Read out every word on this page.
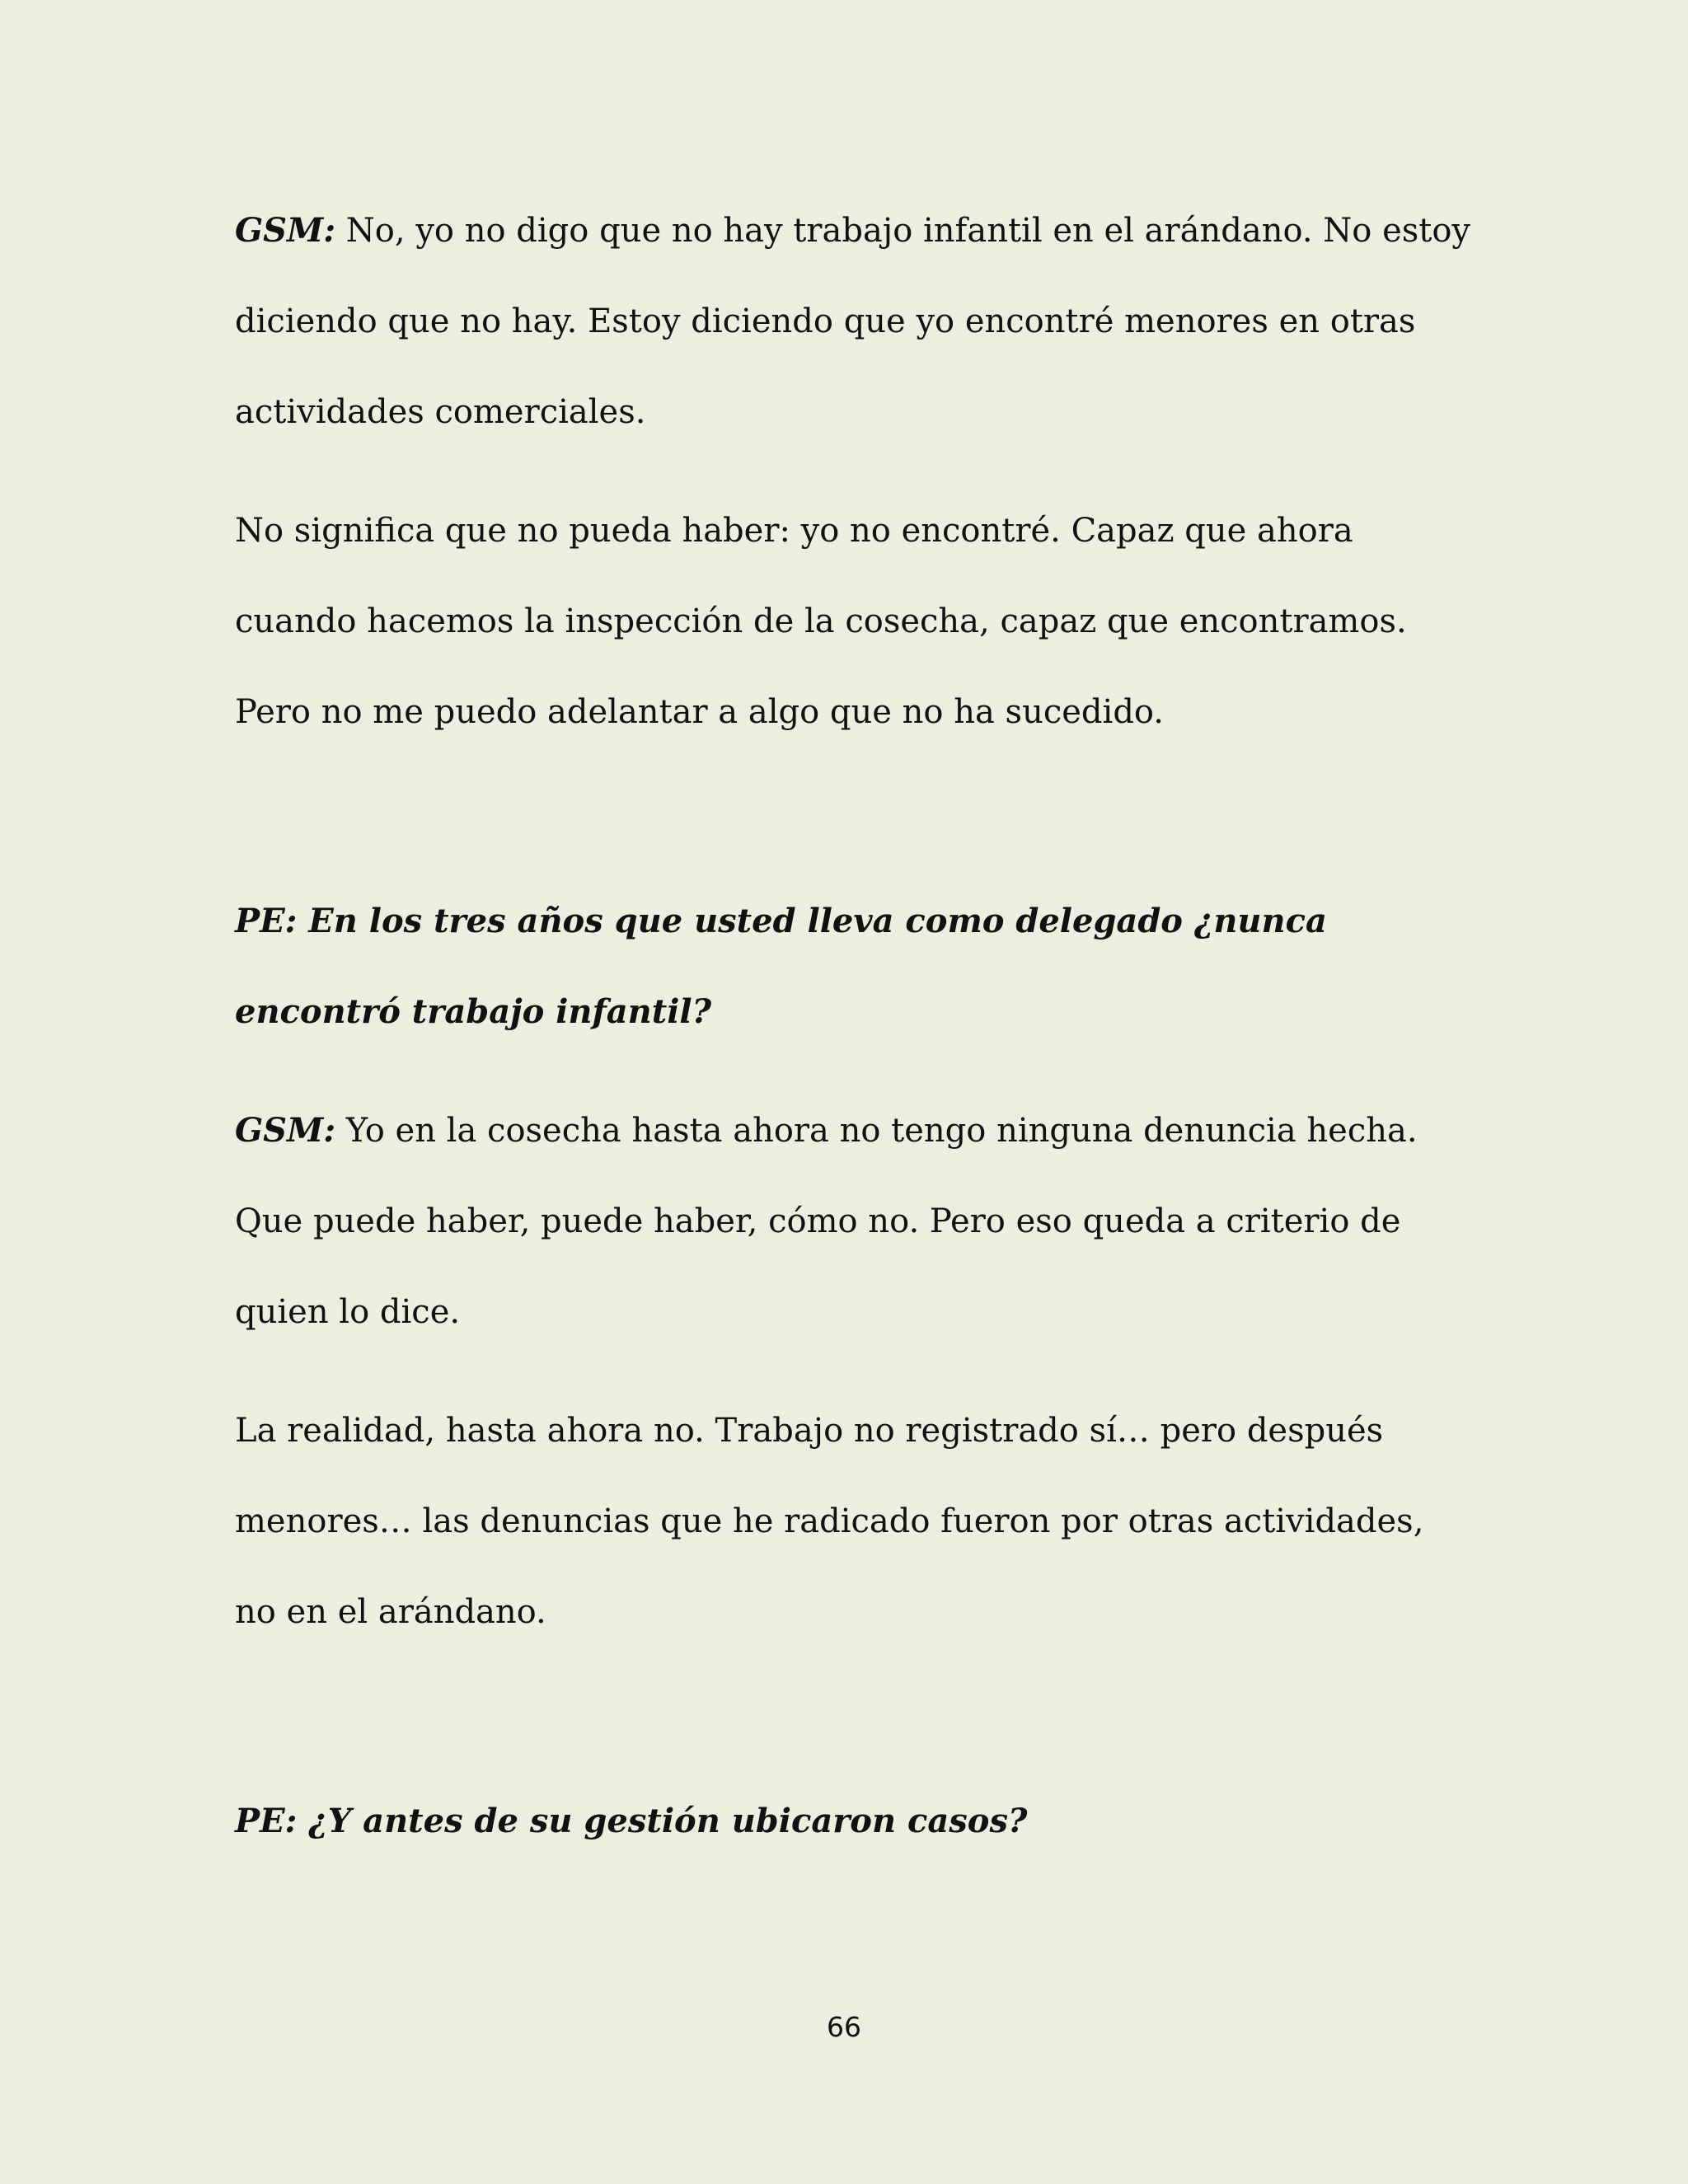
GSM: No, yo no digo que no hay trabajo infantil en el arándano. No estoy diciendo que no hay. Estoy diciendo que yo encontré menores en otras actividades comerciales.

No significa que no pueda haber: yo no encontré. Capaz que ahora cuando hacemos la inspección de la cosecha, capaz que encontramos. Pero no me puedo adelantar a algo que no ha sucedido.

PE: En los tres años que usted lleva como delegado ¿nunca encontró trabajo infantil?

GSM: Yo en la cosecha hasta ahora no tengo ninguna denuncia hecha. Que puede haber, puede haber, cómo no. Pero eso queda a criterio de quien lo dice.

La realidad, hasta ahora no. Trabajo no registrado sí… pero después menores… las denuncias que he radicado fueron por otras actividades, no en el arándano.

PE: ¿Y antes de su gestión ubicaron casos?

66
